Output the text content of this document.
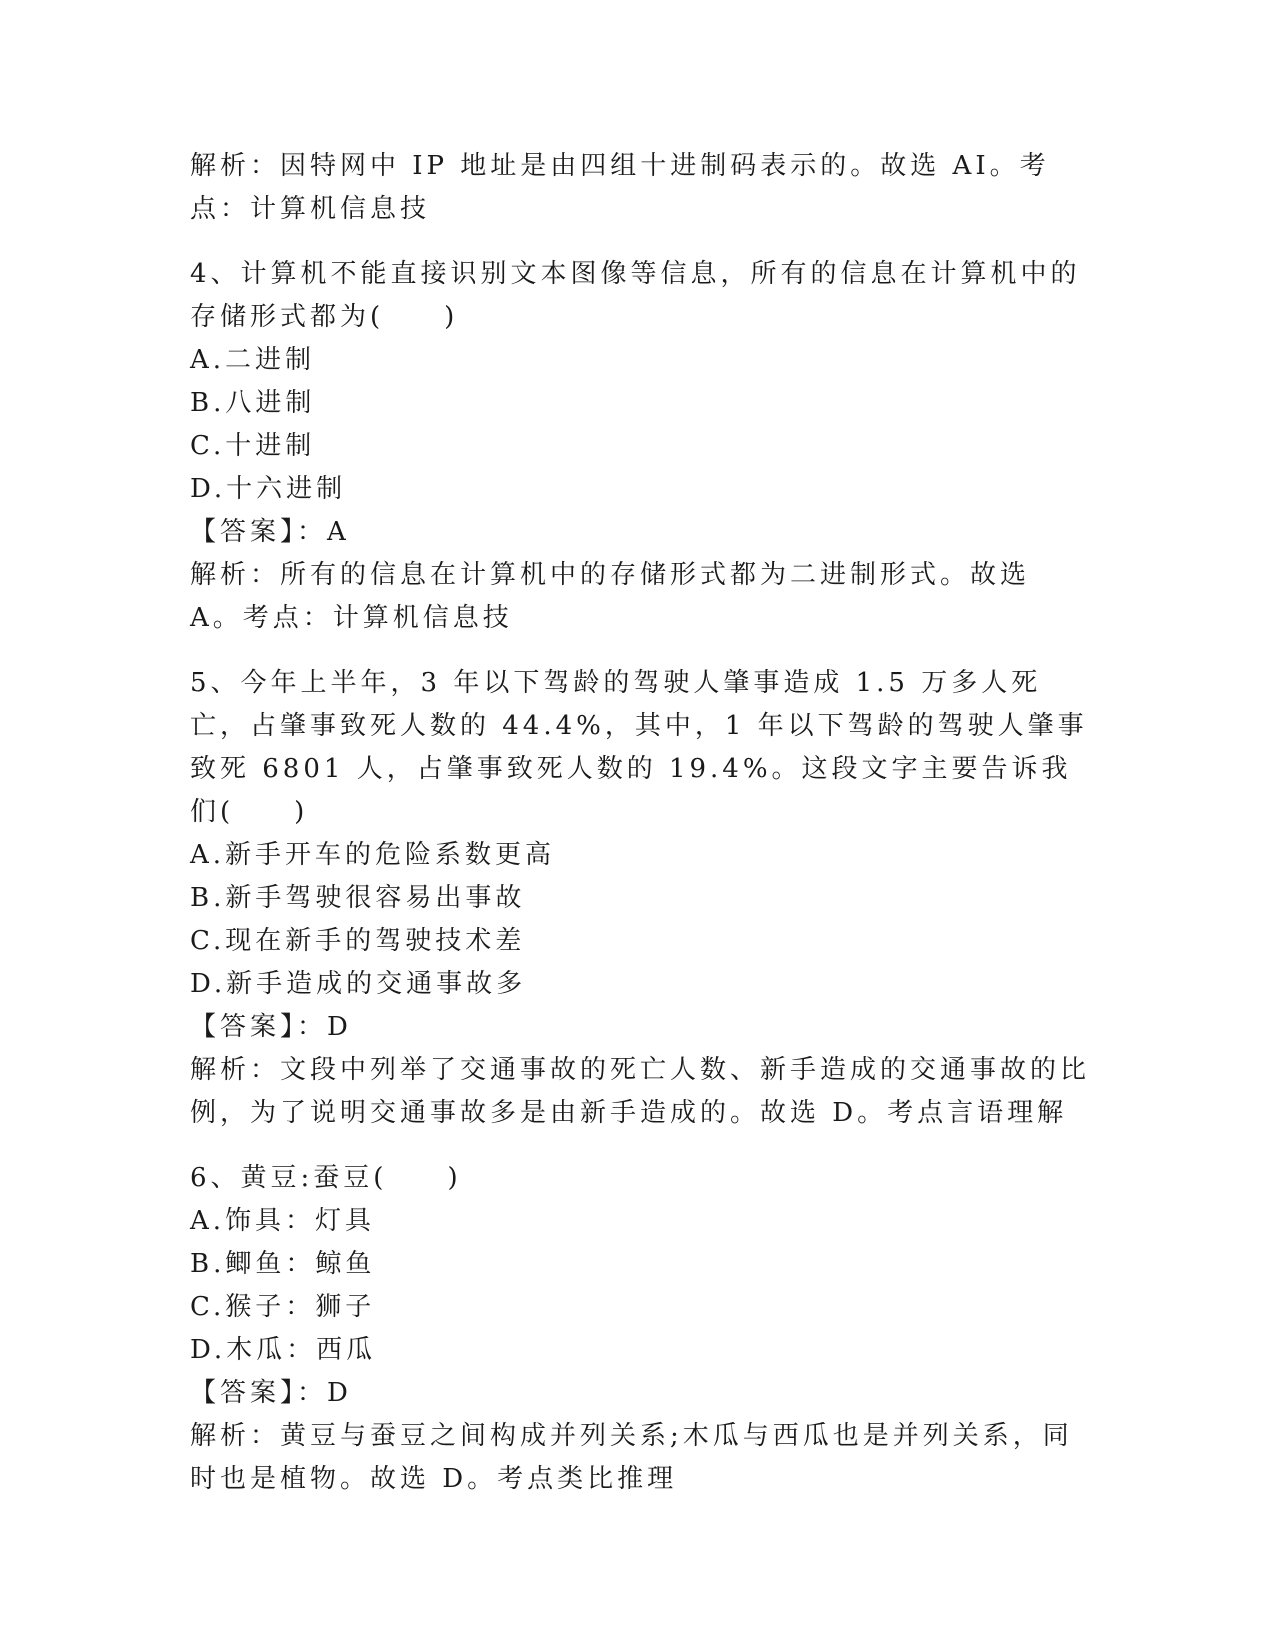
解析：因特网中 IP 地址是由四组十进制码表示的。故选 AI。考点：计算机信息技

4、计算机不能直接识别文本图像等信息，所有的信息在计算机中的存储形式都为(　　)

A.二进制

B.八进制

C.十进制

D.十六进制

【答案】：A

解析：所有的信息在计算机中的存储形式都为二进制形式。故选 A。考点：计算机信息技

5、今年上半年，3 年以下驾龄的驾驶人肇事造成 1.5 万多人死亡，占肇事致死人数的 44.4%，其中，1 年以下驾龄的驾驶人肇事致死 6801 人，占肇事致死人数的 19.4%。这段文字主要告诉我们(　　)

A.新手开车的危险系数更高

B.新手驾驶很容易出事故

C.现在新手的驾驶技术差

D.新手造成的交通事故多

【答案】：D

解析：文段中列举了交通事故的死亡人数、新手造成的交通事故的比例，为了说明交通事故多是由新手造成的。故选 D。考点言语理解

6、黄豆:蚕豆(　　)

A.饰具：灯具

B.鲫鱼：鲸鱼

C.猴子：狮子

D.木瓜：西瓜

【答案】：D

解析：黄豆与蚕豆之间构成并列关系;木瓜与西瓜也是并列关系，同时也是植物。故选 D。考点类比推理
